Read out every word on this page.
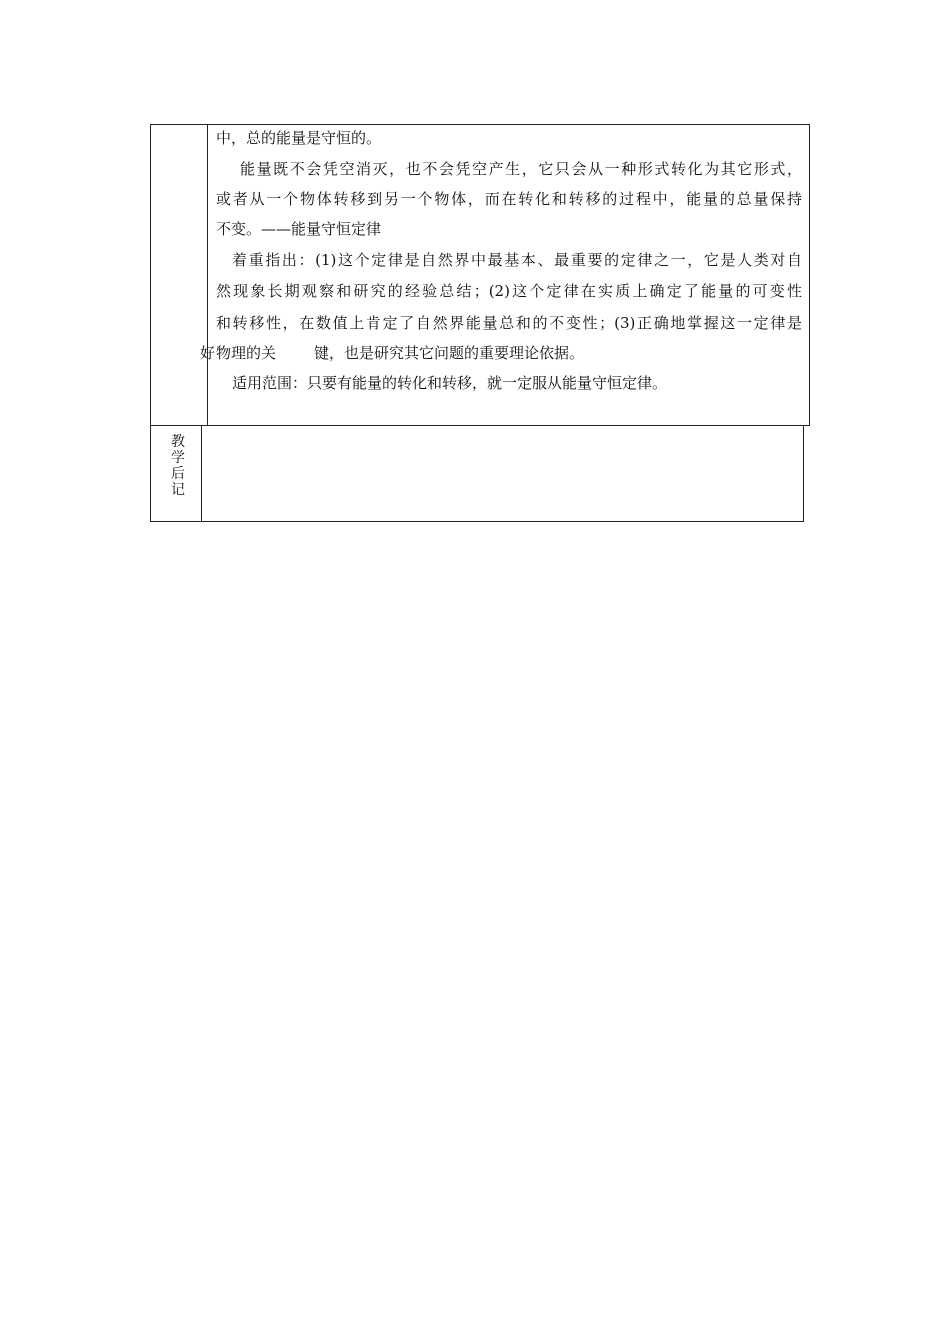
中，总的能量是守恒的。
能量既不会凭空消灭，也不会凭空产生，它只会从一种形式转化为其它形式，
或者从一个物体转移到另一个物体，而在转化和转移的过程中，能量的总量保持
不变。——能量守恒定律
着重指出：(1)这个定律是自然界中最基本、最重要的定律之一，它是人类对自
然现象长期观察和研究的经验总结；(2)这个定律在实质上确定了能量的可变性
和转移性，在数值上肯定了自然界能量总和的不变性；(3)正确地掌握这一定律是
好 物理的关	键，也是研究其它问题的重要理论依据。
适用范围：只要有能量的转化和转移，就一定服从能量守恒定律。
教
学
后
记
